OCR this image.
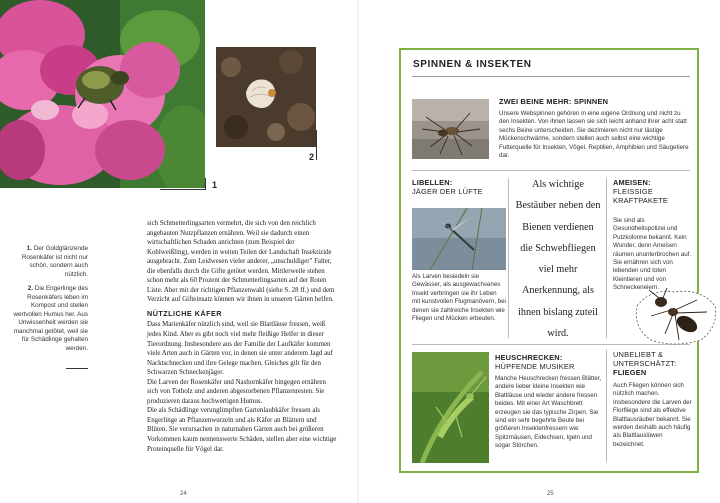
1
2

1. Der Goldglänzende Rosenkäfer ist nicht nur schön, sondern auch nützlich.

2. Die Engerlinge des Rosenkäfers leben im Kompost und stellen wertvollen Humus her. Aus Unwissenheit werden sie manchmal getötet, weil sie für Schädlinge gehalten werden.

sich Schmetterlingsarten vermehrt, die sich von den reichlich angebauten Nutzpflanzen ernähren. Weil sie dadurch einen wirtschaftlichen Schaden anrichten (zum Beispiel der Kohlweißling), werden in weiten Teilen der Landschaft Insektizide ausgebracht. Zum Leidwesen vieler anderer, „unschuldiger" Falter, die ebenfalls durch die Gifte getötet werden. Mittlerweile stehen schon mehr als 60 Prozent der Schmetterlingsarten auf der Roten Liste. Aber mit der richtigen Pflanzenwahl (siehe S. 28 ff.) und dem Verzicht auf Gifteinsatz können wir ihnen in unseren Gärten helfen.

NÜTZLICHE KÄFER

Dass Marienkäfer nützlich sind, weil sie Blattläuse fressen, weiß jedes Kind. Aber es gibt noch viel mehr fleißige Helfer in dieser Tierordnung. Insbesondere aus der Familie der Laufkäfer kommen viele Arten auch in Gärten vor, in denen sie unter anderem Jagd auf Nacktschnecken und ihre Gelege machen. Gleiches gilt für den Schwarzen Schneckenjäger.

Die Larven der Rosenkäfer und Nashornkäfer hingegen ernähren sich von Totholz und anderen abgestorbenen Pflanzenresten. Sie produzieren daraus hochwertigen Humus.

Die als Schädlinge verunglimpften Gartenlaubkäfer fressen als Engerlinge an Pflanzenwurzeln und als Käfer an Blättern und Blüten. Sie verursachen in naturnahen Gärten auch bei größeren Vorkommen kaum nennenswerte Schäden, stellen aber eine wichtige Proteinquelle für Vögel dar.

24	25
SPINNEN & INSEKTEN
ZWEI BEINE MEHR: SPINNEN

Unsere Webspinnen gehören in eine eigene Ordnung und nicht zu den Insekten. Von ihnen lassen sie sich leicht anhand ihrer acht statt sechs Beine unterscheiden. Sie dezimieren nicht nur lästige Mückenschwärme, sondern stellen auch selbst eine wichtige Futterquelle für Insekten, Vögel, Reptilien, Amphibien und Säugetiere dar.

LIBELLEN:
JÄGER DER LÜFTE

Als Larven besiedeln sie Gewässer, als ausgewachsenes Insekt verbringen sie ihr Leben mit kunstvollen Flugmanövern, bei denen sie zahlreiche Insekten wie Fliegen und Mücken erbeuten.

Als wichtige Bestäuber neben den Bienen verdienen die Schwebfliegen viel mehr Anerkennung, als ihnen bislang zuteil wird.
AMEISEN:
FLEISSIGE KRAFTPAKETE

Sie sind als Gesundheitspolizei und Putzkolonne bekannt. Kein Wunder, denn Ameisen räumen ununterbrochen auf. Sie ernähren sich von lebenden und toten Kleintieren und von Schneckeneiern.

HEUSCHRECKEN:
HÜPFENDE MUSIKER

Manche Heuschrecken fressen Blätter, andere lieber kleine Insekten wie Blattläuse und wieder andere fressen beides. Mit einer Art Waschbrett erzeugen sie das typische Zirpen. Sie sind ein sehr begehrte Beute bei größeren Insektenfressern wie Spitzmäusen, Eidechsen, Igeln und sogar Störchen.

UNBELIEBT & UNTERSCHÄTZT:
FLIEGEN

Auch Fliegen können sich nützlich machen. Insbesondere die Larven der Florfliege sind als effektive Blattlausräuber bekannt. Sie werden deshalb auch häufig als Blattlauslöwen bezeichnet.
